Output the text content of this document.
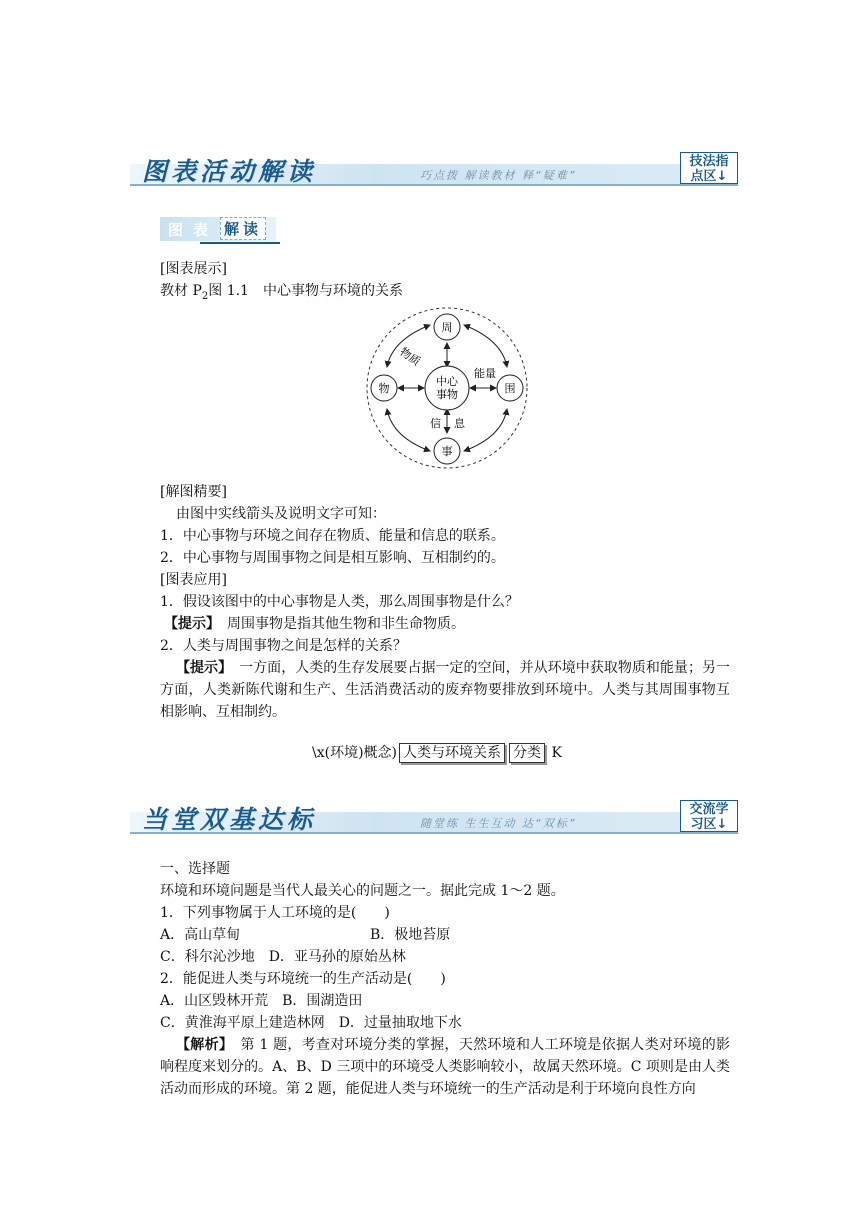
图表活动解读	巧点拨 解读教材 释“疑难”
技法指
点区↓
图表 解读
[图表展示]
教材 $P_2$图 1.1　中心事物与环境的关系
中心
事物
周
围
事
物
物质
能量
信 息
[解图精要]
由图中实线箭头及说明文字可知：
1．中心事物与环境之间存在物质、能量和信息的联系。
2．中心事物与周围事物之间是相互影响、互相制约的。
[图表应用]
1．假设该图中的中心事物是人类，那么周围事物是什么？
【提示】　周围事物是指其他生物和非生命物质。
2．人类与周围事物之间是怎样的关系？
【提示】　一方面，人类的生存发展要占据一定的空间，并从环境中获取物质和能量；另一方面，人类新陈代谢和生产、生活消费活动的废弃物要排放到环境中。人类与其周围事物互相影响、互相制约。
\x(环境)概念) 人类与环境关系 分类 K
当堂双基达标	随堂练 生生互动 达“双标”
交流学
习区↓
一、选择题
环境和环境问题是当代人最关心的问题之一。据此完成 1～2 题。
1．下列事物属于人工环境的是(　　)
A．高山草甸	B．极地苔原
C．科尔沁沙地　D．亚马孙的原始丛林
2．能促进人类与环境统一的生产活动是(　　)
A．山区毁林开荒　B．围湖造田
C．黄淮海平原上建造林网　D．过量抽取地下水
【解析】　第 1 题，考查对环境分类的掌握，天然环境和人工环境是依据人类对环境的影响程度来划分的。A、B、D 三项中的环境受人类影响较小，故属天然环境。C 项则是由人类活动而形成的环境。第 2 题，能促进人类与环境统一的生产活动是利于环境向良性方向
